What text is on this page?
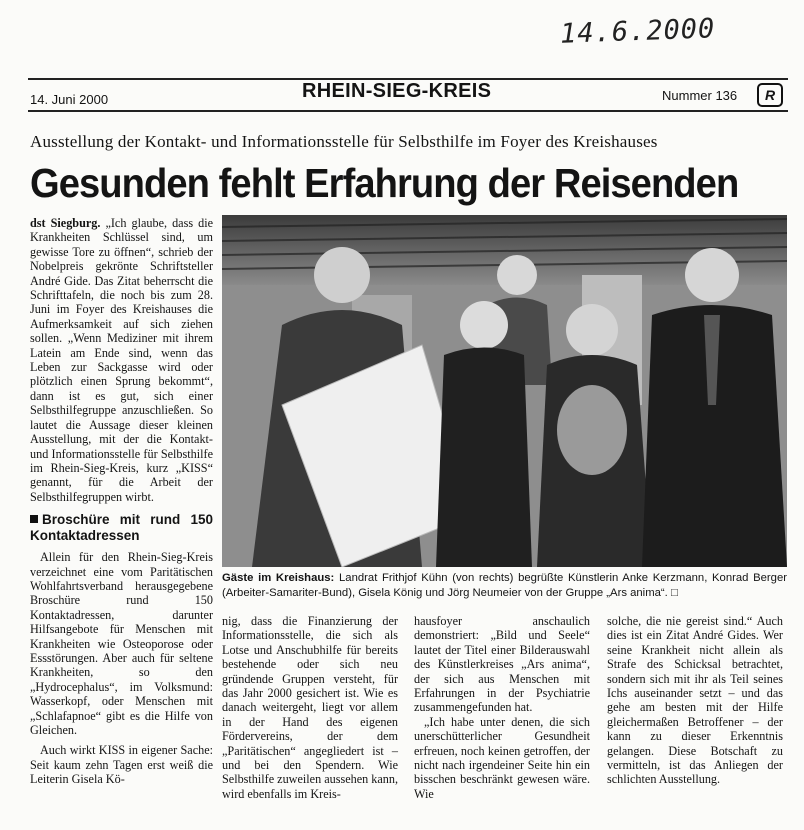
14.6.2000
14. Juni 2000	RHEIN-SIEG-KREIS	Nummer 136	R
Ausstellung der Kontakt- und Informationsstelle für Selbsthilfe im Foyer des Kreishauses
Gesunden fehlt Erfahrung der Reisenden

dst Siegburg. „Ich glaube, dass die Krankheiten Schlüssel sind, um gewisse Tore zu öffnen“, schrieb der Nobelpreis gekrönte Schriftsteller André Gide. Das Zitat beherrscht die Schrifttafeln, die noch bis zum 28. Juni im Foyer des Kreishauses die Aufmerksamkeit auf sich ziehen sollen. „Wenn Mediziner mit ihrem Latein am Ende sind, wenn das Leben zur Sackgasse wird oder plötzlich einen Sprung bekommt“, dann ist es gut, sich einer Selbsthilfegruppe anzuschließen. So lautet die Aussage dieser kleinen Ausstellung, mit der die Kontakt- und Informationsstelle für Selbsthilfe im Rhein-Sieg-Kreis, kurz „KISS“ genannt, für die Arbeit der Selbsthilfegruppen wirbt.

Broschüre mit rund 150 Kontaktadressen

Allein für den Rhein-Sieg-Kreis verzeichnet eine vom Paritätischen Wohlfahrtsverband herausgegebene Broschüre rund 150 Kontaktadressen, darunter Hilfsangebote für Menschen mit Krankheiten wie Osteoporose oder Essstörungen. Aber auch für seltene Krankheiten, so den „Hydrocephalus“, im Volksmund: Wasserkopf, oder Menschen mit „Schlafapnoe“ gibt es die Hilfe von Gleichen.

Auch wirkt KISS in eigener Sache: Seit kaum zehn Tagen erst weiß die Leiterin Gisela Kö-

Gäste im Kreishaus: Landrat Frithjof Kühn (von rechts) begrüßte Künstlerin Anke Kerzmann, Konrad Berger (Arbeiter-Samariter-Bund), Gisela König und Jörg Neumeier von der Gruppe „Ars anima“. □

nig, dass die Finanzierung der Informationsstelle, die sich als Lotse und Anschubhilfe für bereits bestehende oder sich neu gründende Gruppen versteht, für das Jahr 2000 gesichert ist. Wie es danach weitergeht, liegt vor allem in der Hand des eigenen Fördervereins, der dem „Paritätischen“ angegliedert ist – und bei den Spendern. Wie Selbsthilfe zuweilen aussehen kann, wird ebenfalls im Kreis-

hausfoyer anschaulich demonstriert: „Bild und Seele“ lautet der Titel einer Bilderauswahl des Künstlerkreises „Ars anima“, der sich aus Menschen mit Erfahrungen in der Psychiatrie zusammengefunden hat.

„Ich habe unter denen, die sich unerschütterlicher Gesundheit erfreuen, noch keinen getroffen, der nicht nach irgendeiner Seite hin ein bisschen beschränkt gewesen wäre. Wie

solche, die nie gereist sind.“ Auch dies ist ein Zitat André Gides. Wer seine Krankheit nicht allein als Strafe des Schicksal betrachtet, sondern sich mit ihr als Teil seines Ichs auseinander setzt – und das gehe am besten mit der Hilfe gleichermaßen Betroffener – der kann zu dieser Erkenntnis gelangen. Diese Botschaft zu vermitteln, ist das Anliegen der schlichten Ausstellung.
